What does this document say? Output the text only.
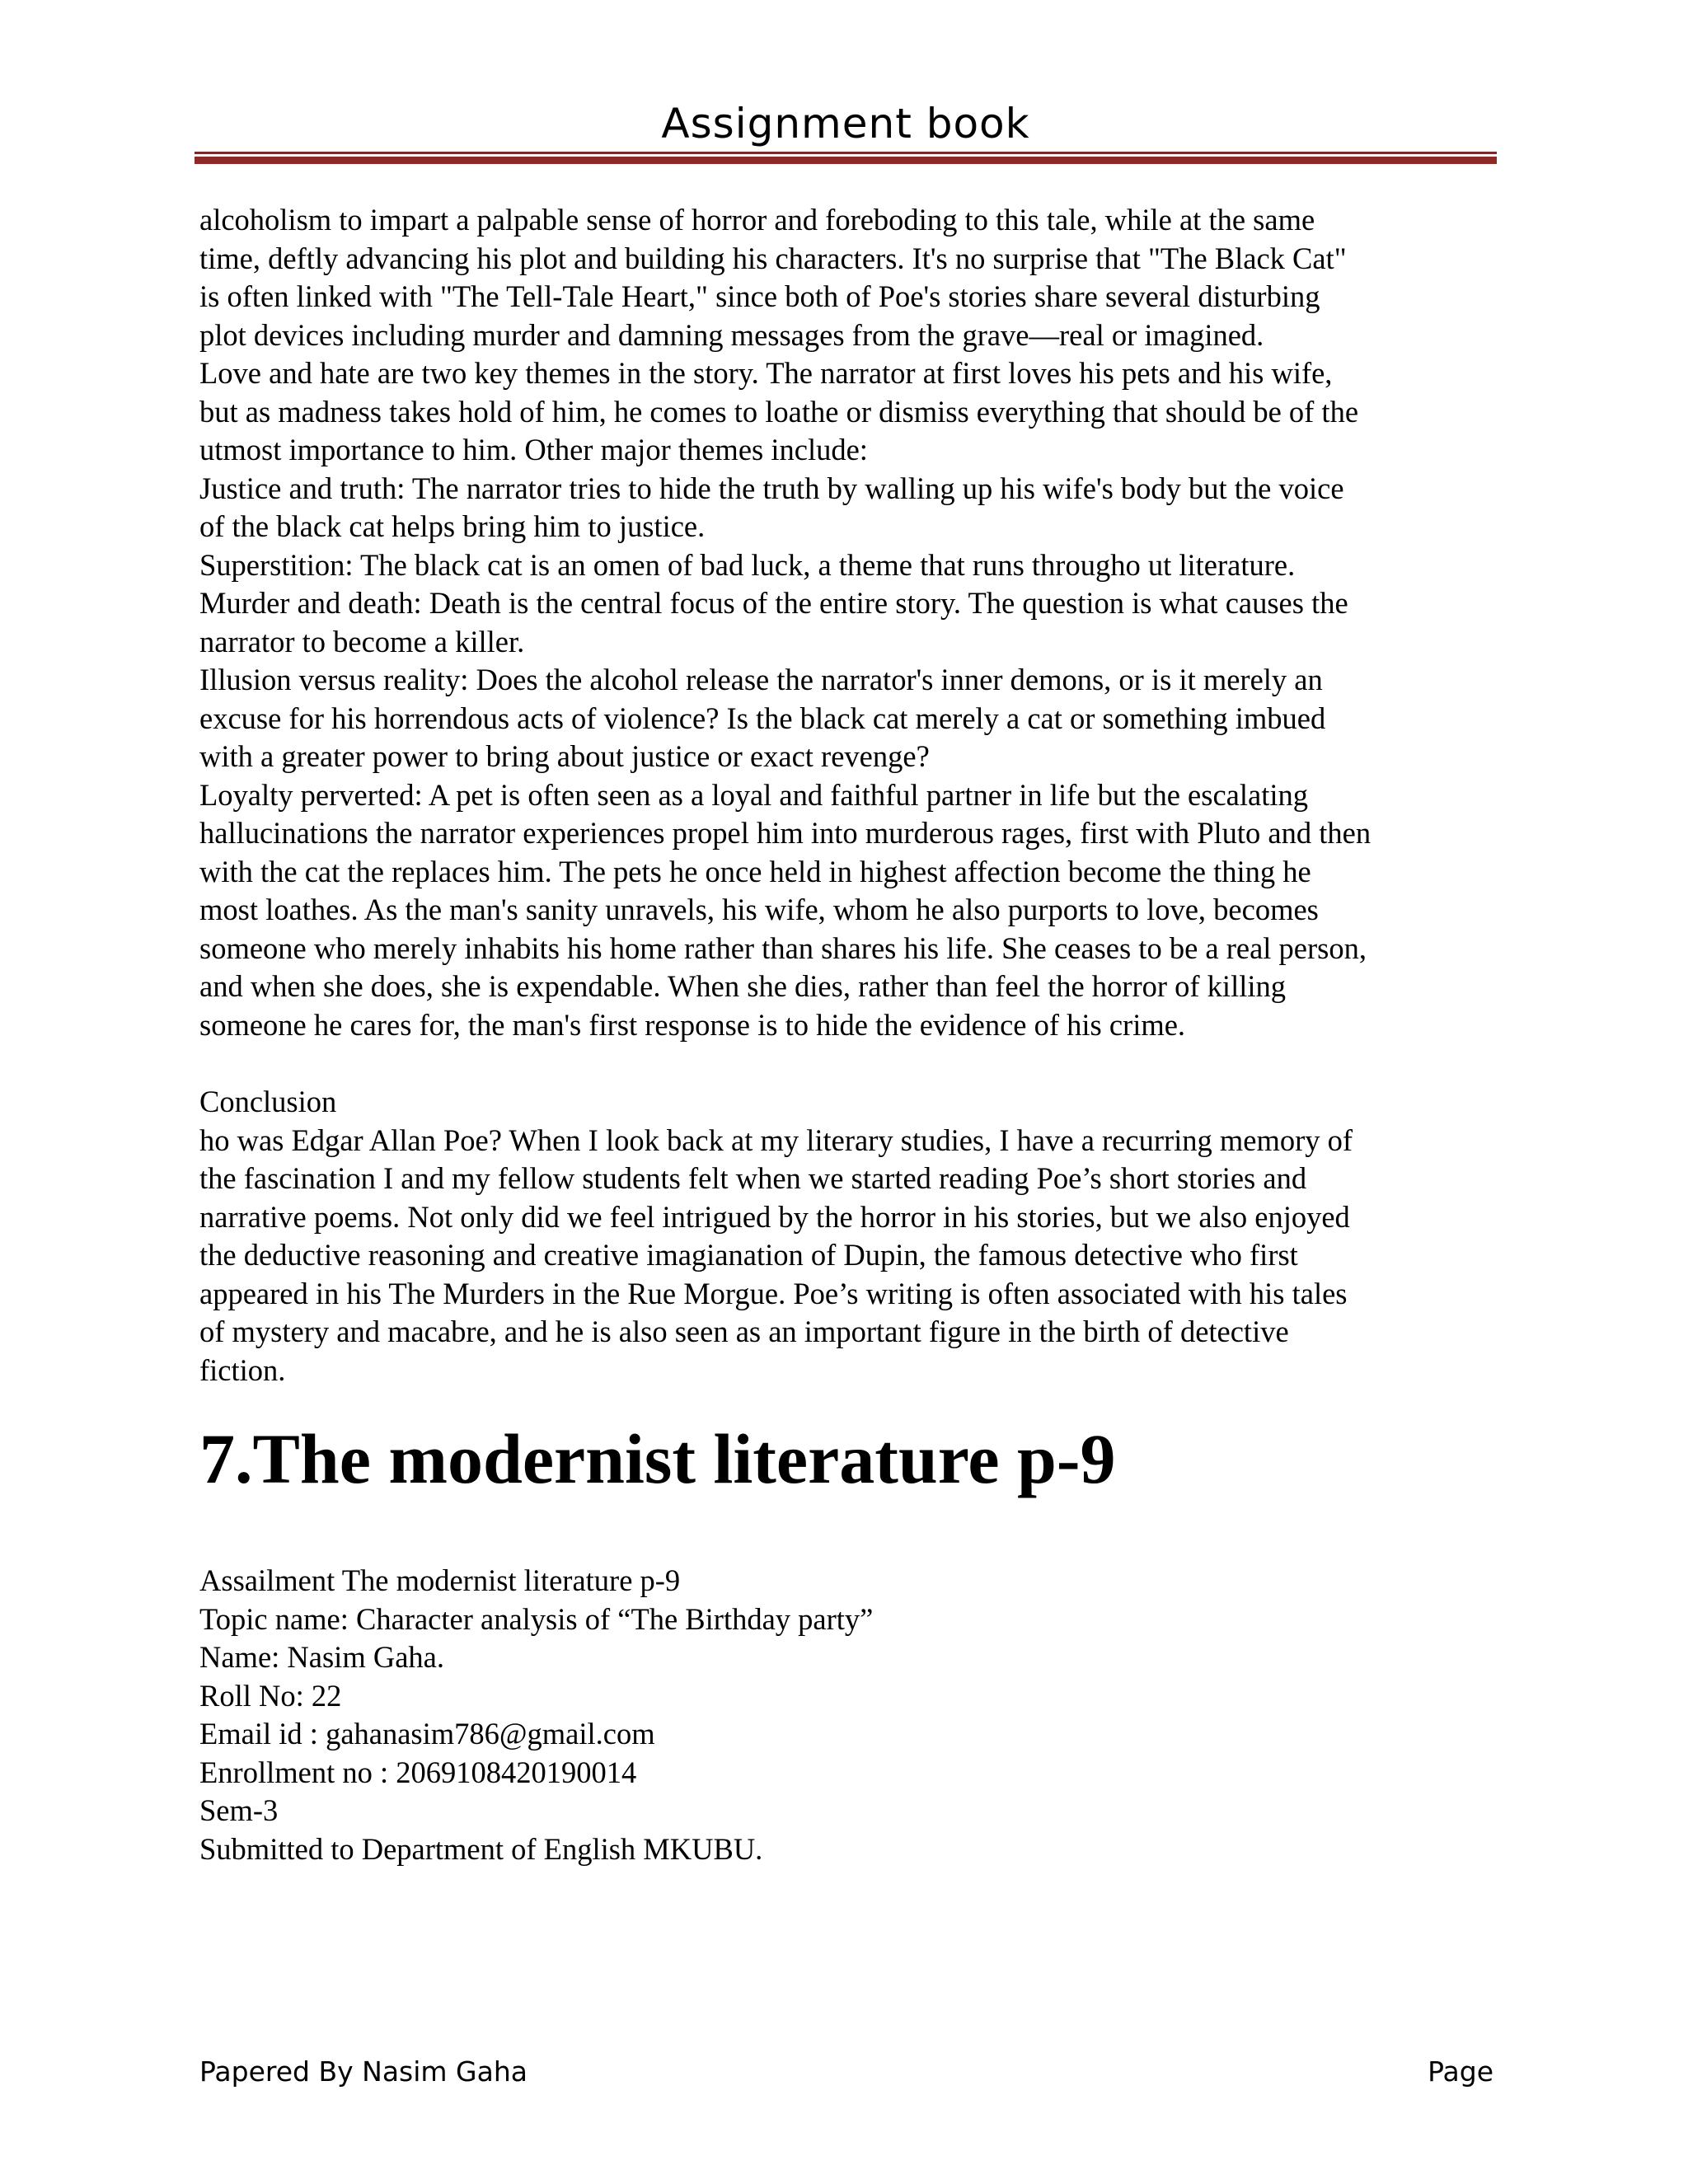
Assignment book

alcoholism to impart a palpable sense of horror and foreboding to this tale, while at the same
time, deftly advancing his plot and building his characters. It's no surprise that "The Black Cat"
is often linked with "The Tell-Tale Heart," since both of Poe's stories share several disturbing
plot devices including murder and damning messages from the grave—real or imagined.

Love and hate are two key themes in the story. The narrator at first loves his pets and his wife,
but as madness takes hold of him, he comes to loathe or dismiss everything that should be of the
utmost importance to him. Other major themes include:

Justice and truth: The narrator tries to hide the truth by walling up his wife's body but the voice
of the black cat helps bring him to justice.

Superstition: The black cat is an omen of bad luck, a theme that runs througho ut literature.

Murder and death: Death is the central focus of the entire story. The question is what causes the
narrator to become a killer.

Illusion versus reality: Does the alcohol release the narrator's inner demons, or is it merely an
excuse for his horrendous acts of violence? Is the black cat merely a cat or something imbued
with a greater power to bring about justice or exact revenge?

Loyalty perverted: A pet is often seen as a loyal and faithful partner in life but the escalating
hallucinations the narrator experiences propel him into murderous rages, first with Pluto and then
with the cat the replaces him. The pets he once held in highest affection become the thing he
most loathes. As the man's sanity unravels, his wife, whom he also purports to love, becomes
someone who merely inhabits his home rather than shares his life. She ceases to be a real person,
and when she does, she is expendable. When she dies, rather than feel the horror of killing
someone he cares for, the man's first response is to hide the evidence of his crime.

Conclusion
ho was Edgar Allan Poe? When I look back at my literary studies, I have a recurring memory of
the fascination I and my fellow students felt when we started reading Poe’s short stories and
narrative poems. Not only did we feel intrigued by the horror in his stories, but we also enjoyed
the deductive reasoning and creative imagianation of Dupin, the famous detective who first
appeared in his The Murders in the Rue Morgue. Poe’s writing is often associated with his tales
of mystery and macabre, and he is also seen as an important figure in the birth of detective
fiction.

7.The modernist literature p-9
Assailment The modernist literature p-9
Topic name: Character analysis of “The Birthday party”
Name: Nasim Gaha.
Roll No: 22
Email id : gahanasim786@gmail.com
Enrollment no : 2069108420190014
Sem-3
Submitted to Department of English MKUBU.
Papered By Nasim Gaha	Page
